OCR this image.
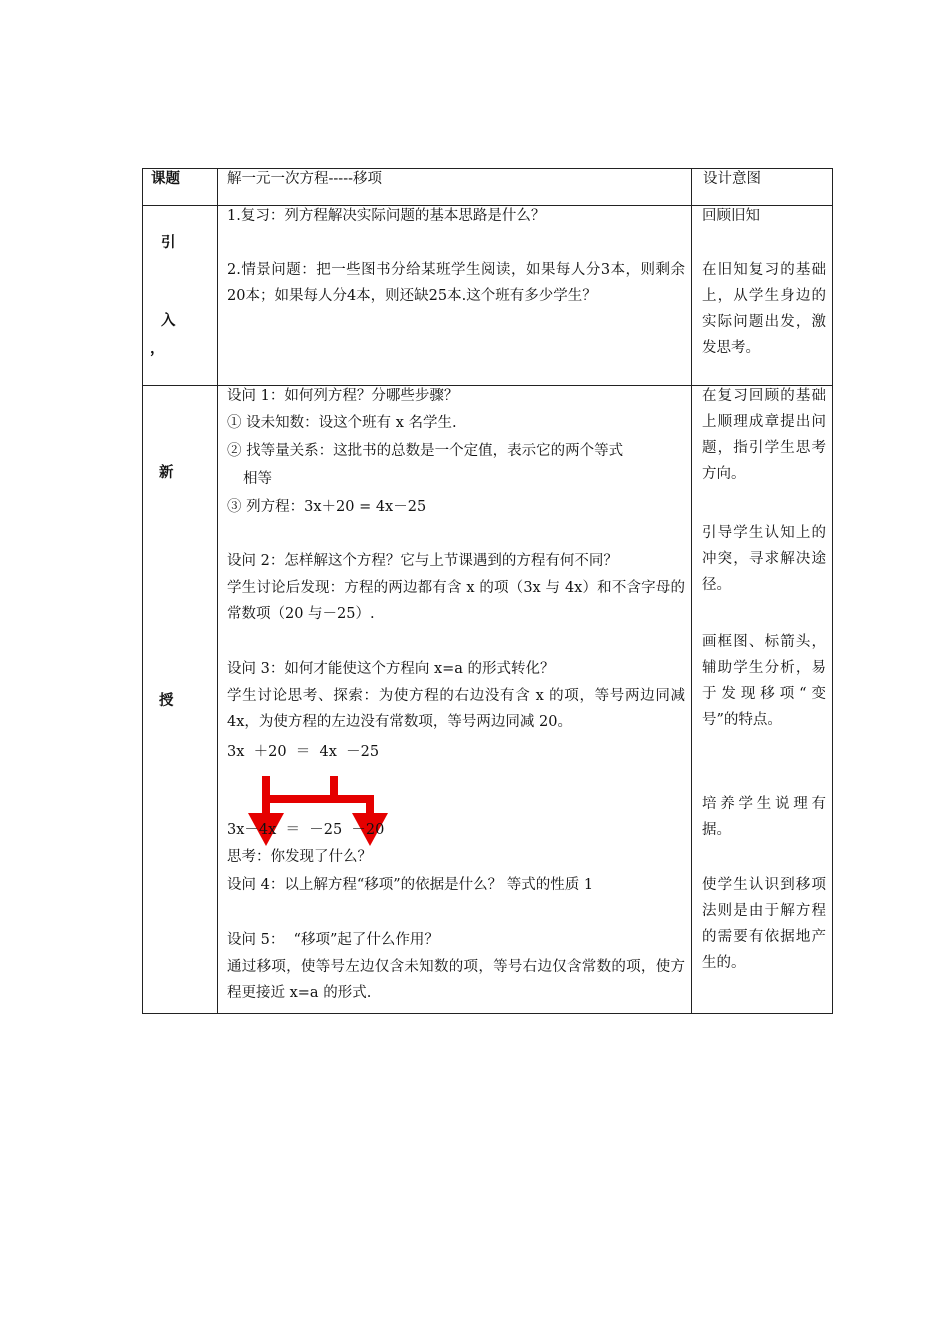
课题	解一元一次方程-----移项	设计意图
引
入
，
1.复习：列方程解决实际问题的基本思路是什么？
2.情景问题：把一些图书分给某班学生阅读，如果每人分3本，则剩余20本；如果每人分4本，则还缺25本.这个班有多少学生？
回顾旧知
在旧知复习的基础上，从学生身边的实际问题出发，激发思考。
新
授
设问 1：如何列方程？分哪些步骤？
① 设未知数：设这个班有 x 名学生.
② 找等量关系：这批书的总数是一个定值，表示它的两个等式
相等
③ 列方程：3x＋20 = 4x－25
设问 2：怎样解这个方程？它与上节课遇到的方程有何不同？
学生讨论后发现：方程的两边都有含 x 的项（3x 与 4x）和不含字母的常数项（20 与－25）.
设问 3：如何才能使这个方程向 x=a 的形式转化？
学生讨论思考、探索：为使方程的右边没有含 x 的项，等号两边同减 4x，为使方程的左边没有常数项，等号两边同减 20。
3x  ＋20  ＝  4x  －25
3x－4x  ＝  －25  －20
思考：你发现了什么？
设问 4：以上解方程“移项”的依据是什么？ 等式的性质 1
设问 5：  “移项”起了什么作用？
通过移项，使等号左边仅含未知数的项，等号右边仅含常数的项，使方程更接近 x=a 的形式.
在复习回顾的基础上顺理成章提出问题，指引学生思考方向。
引导学生认知上的冲突，寻求解决途径。
画框图、标箭头，辅助学生分析，易于发现移项“变号”的特点。
培养学生说理有据。
使学生认识到移项法则是由于解方程的需要有依据地产生的。
